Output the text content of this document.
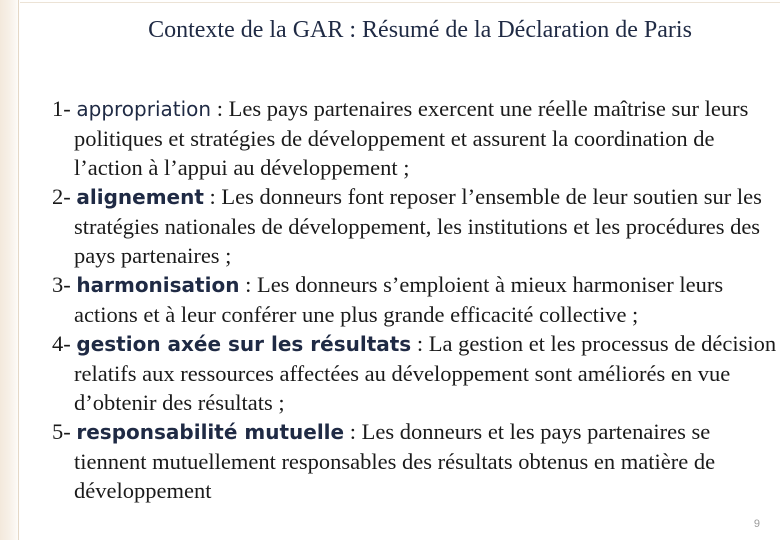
Contexte de la GAR : Résumé de la Déclaration de Paris
1- appropriation : Les pays partenaires exercent une réelle maîtrise sur leurs politiques et stratégies de développement et assurent la coordination de l’action à l’appui au développement ;
2- alignement : Les donneurs font reposer l’ensemble de leur soutien sur les stratégies nationales de développement, les institutions et les procédures des pays partenaires ;
3- harmonisation : Les donneurs s’emploient à mieux harmoniser leurs actions et à leur conférer une plus grande efficacité collective ;
4- gestion axée sur les résultats : La gestion et les processus de décision relatifs aux ressources affectées au développement sont améliorés en vue d’obtenir des résultats ;
5- responsabilité mutuelle : Les donneurs et les pays partenaires se tiennent mutuellement responsables des résultats obtenus en matière de développement
9
